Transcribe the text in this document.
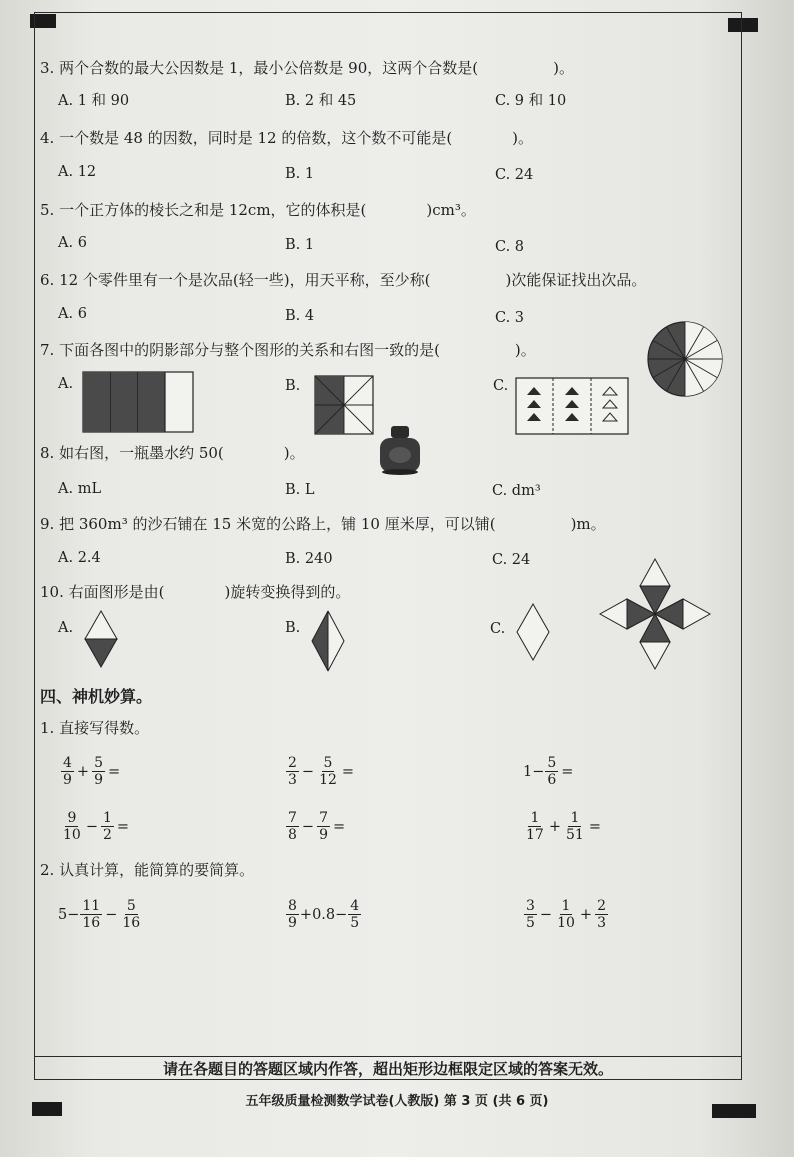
3. 两个合数的最大公因数是 1，最小公倍数是 90，这两个合数是(　　　　　)。
A. 1 和 90	B. 2 和 45	C. 9 和 10
4. 一个数是 48 的因数，同时是 12 的倍数，这个数不可能是(　　　　)。
A. 12	B. 1	C. 24
5. 一个正方体的棱长之和是 12cm，它的体积是(　　　　)cm³。
A. 6	B. 1	C. 8
6. 12 个零件里有一个是次品(轻一些)，用天平称，至少称(　　　　　)次能保证找出次品。
A. 6	B. 4	C. 3
7. 下面各图中的阴影部分与整个图形的关系和右图一致的是(　　　　　)。
A.	B.	C.
8. 如右图，一瓶墨水约 50(　　　　)。
A. mL	B. L	C. dm³
9. 把 360m³ 的沙石铺在 15 米宽的公路上，铺 10 厘米厚，可以铺(　　　　　)m。
A. 2.4	B. 240	C. 24
10. 右面图形是由(　　　　)旋转变换得到的。
A.	B.	C.
四、神机妙算。
1. 直接写得数。
$\frac{4}{9} + \frac{5}{9}$ =	$\frac{2}{3} - \frac{5}{12}$ =	$1- \frac{5}{6}$ =
$\frac{9}{10} - \frac{1}{2}$ =	$\frac{7}{8} - \frac{7}{9}$ =	$\frac{1}{17} + \frac{1}{51}$ =
2. 认真计算，能简算的要简算。
$5- \frac{11}{16} - \frac{5}{16}$	$\frac{8}{9} +0.8- \frac{4}{5}$	$\frac{3}{5} - \frac{1}{10} + \frac{2}{3}$
请在各题目的答题区域内作答，超出矩形边框限定区域的答案无效。
五年级质量检测数学试卷(人教版) 第 3 页 (共 6 页)
